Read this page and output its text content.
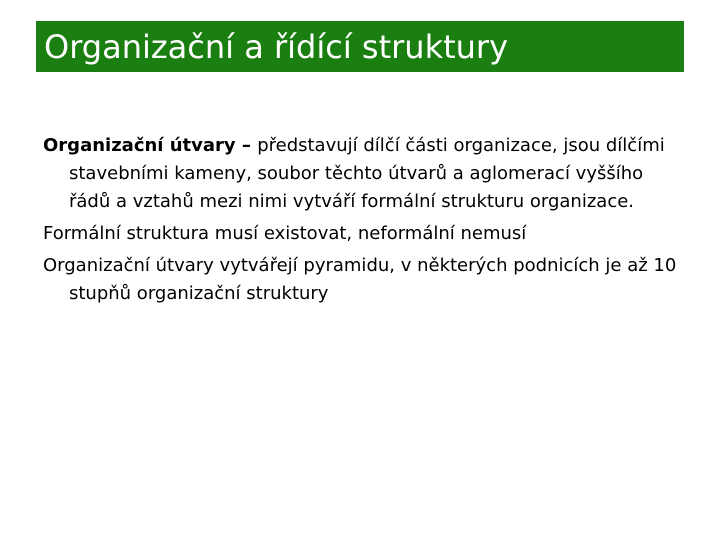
Organizační a řídící struktury

Organizační útvary – představují dílčí části organizace, jsou dílčími stavebními kameny, soubor těchto útvarů a aglomerací vyššího řádů a vztahů mezi nimi vytváří formální strukturu organizace.

Formální struktura musí existovat, neformální nemusí

Organizační útvary vytvářejí pyramidu, v některých podnicích je až 10 stupňů organizační struktury
